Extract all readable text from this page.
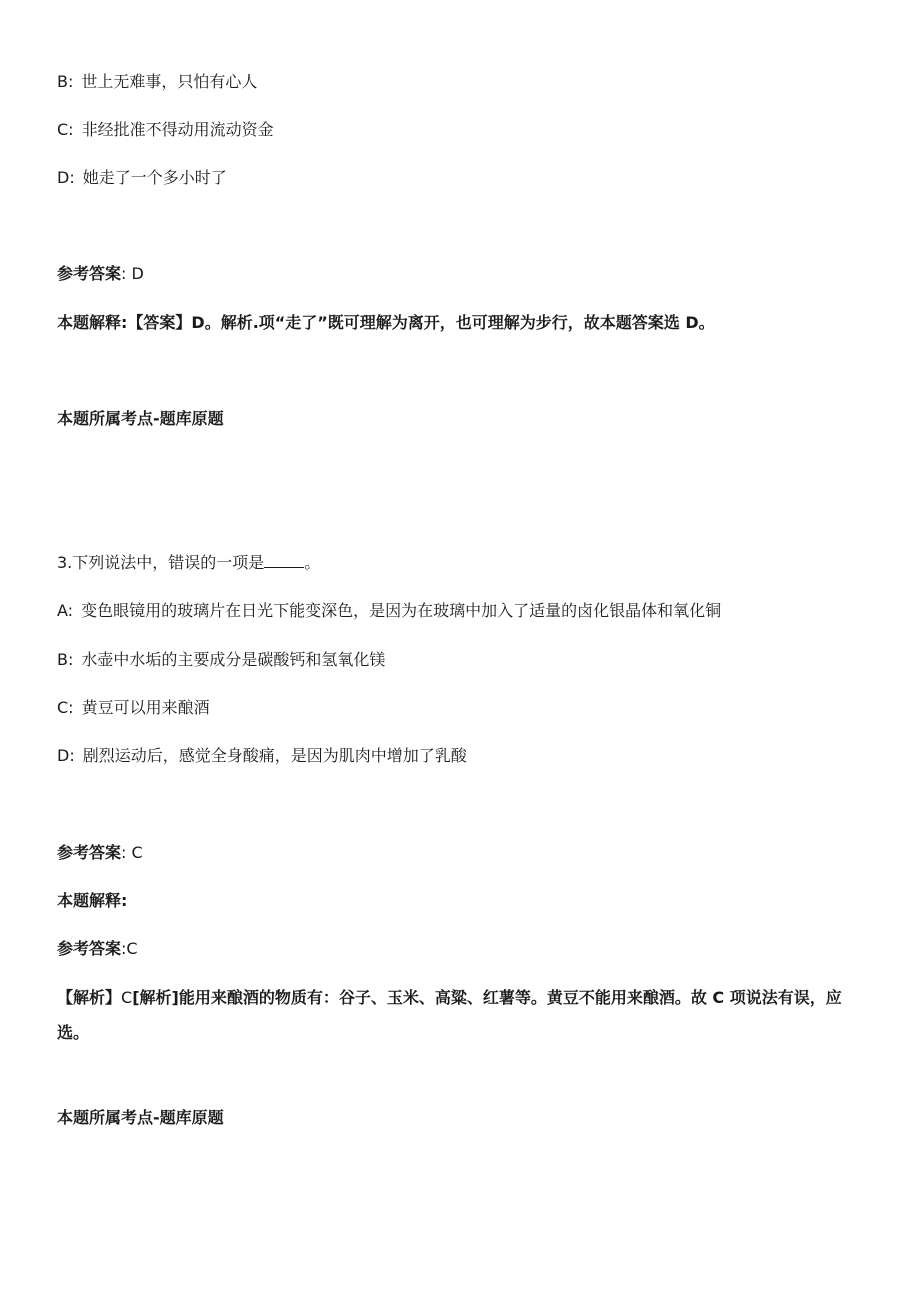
B: 世上无难事，只怕有心人
C: 非经批准不得动用流动资金
D: 她走了一个多小时了
参考答案: D
本题解释:【答案】D。解析.项“走了”既可理解为离开，也可理解为步行，故本题答案选 D。
本题所属考点-题库原题
3.下列说法中，错误的一项是	。
A: 变色眼镜用的玻璃片在日光下能变深色，是因为在玻璃中加入了适量的卤化银晶体和氧化铜
B: 水壶中水垢的主要成分是碳酸钙和氢氧化镁
C: 黄豆可以用来酿酒
D: 剧烈运动后，感觉全身酸痛，是因为肌肉中增加了乳酸
参考答案: C
本题解释:
参考答案:C
【解析】C[解析]能用来酿酒的物质有：谷子、玉米、高粱、红薯等。黄豆不能用来酿酒。故 C 项说法有误，应选。
本题所属考点-题库原题
